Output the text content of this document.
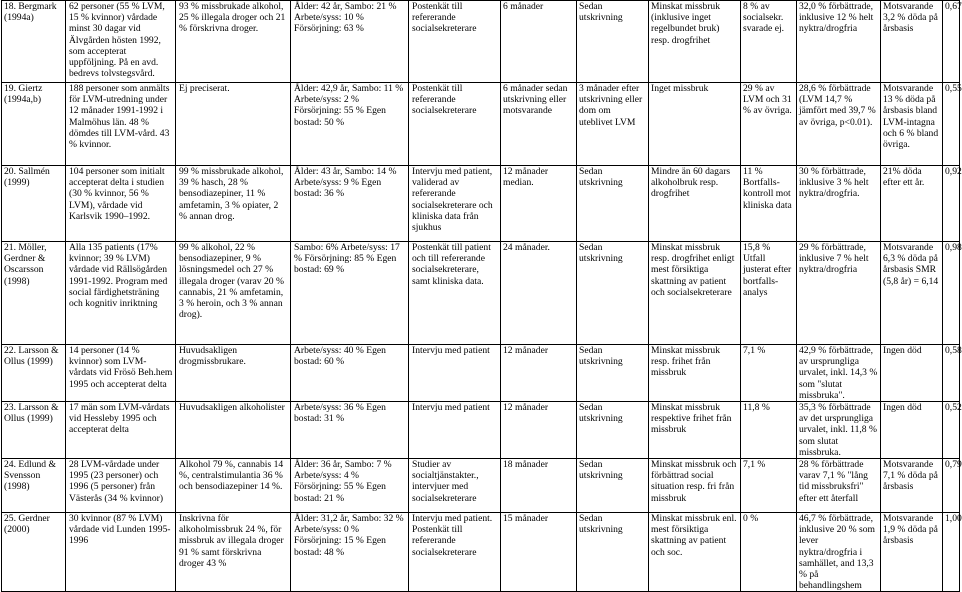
18. Bergmark (1994a)	62 personer (55 % LVM, 15 % kvinnor) vårdade minst 30 dagar vid Älvgården hösten 1992, som accepterat uppföljning. På en avd. bedrevs tolvstegsvård.	93 % missbrukade alkohol, 25 % illegala droger och 21 % förskrivna droger.	Ålder: 42 år, Sambo: 21 % Arbete/syss: 10 % Försörjning: 63 %	Postenkät till refererande socialsekreterare	6 månader	Sedan utskrivning	Minskat missbruk (inklusive inget regelbundet bruk) resp. drogfrihet	8 % av socialsekr. svarade ej.	32,0 % förbättrade, inklusive 12 % helt nyktra/drogfria	Motsvarande 3,2 % döda på årsbasis	0,67
19. Giertz (1994a,b)	188 personer som anmälts för LVM-utredning under 12 månader 1991-1992 i Malmöhus län. 48 % dömdes till LVM-vård. 43 % kvinnor.	Ej preciserat.	Ålder: 42,9 år, Sambo: 11 % Arbete/syss: 2 % Försörjning: 55 % Egen bostad: 50 %	Postenkät till refererande socialsekreterare	6 månader sedan utskrivning eller motsvarande	3 månader efter utskrivning eller dom om uteblivet LVM	Inget missbruk	29 % av LVM och 31 % av övriga.	28,6 % förbättrade (LVM 14,7 % jämfört med 39,7 % av övriga, p<0.01).	Motsvarande 13 % döda på årsbasis bland LVM-intagna och 6 % bland övriga.	0,55
20. Sallmén (1999)	104 personer som initialt accepterat delta i studien (30 % kvinnor, 56 % LVM), vårdade vid Karlsvik 1990–1992.	99 % missbrukade alkohol, 39 % hasch, 28 % bensodiazepiner, 11 % amfetamin, 3 % opiater, 2 % annan drog.	Ålder: 43 år, Sambo: 14 % Arbete/syss: 9 % Egen bostad: 36 %	Intervju med patient, validerad av refererande socialsekreterare och kliniska data från sjukhus	12 månader median.	Sedan utskrivning	Mindre än 60 dagars alkoholbruk resp. drogfrihet	11 % Bortfalls-kontroll mot kliniska data	30 % förbättrade, inklusive 3 % helt nyktra/drogfria.	21% döda efter ett år.	0,92
21. Möller, Gerdner & Oscarsson (1998)	Alla 135 patients (17% kvinnor; 39 % LVM) vårdade vid Rällsögården 1991-1992. Program med social färdighetsträning och kognitiv inriktning	99 % alkohol, 22 % bensodiazepiner, 9 % lösningsmedel och 27 % illegala droger (varav 20 % cannabis, 21 % amfetamin, 3 % heroin, och 3 % annan drog).	Sambo: 6% Arbete/syss: 17 % Försörjning: 85 % Egen bostad: 69 %	Postenkät till patient och till refererande socialsekreterare, samt kliniska data.	24 månader.	Sedan utskrivning	Minskat missbruk resp. drogfrihet enligt mest försiktiga skattning av patient och socialsekreterare	15,8 % Utfall justerat efter bortfalls-analys	29 % förbättrade, inklusive 7 % helt nyktra/drogfria	Motsvarande 6,3 % döda på årsbasis SMR (5,8 år) = 6,14	0,98
22. Larsson & Ollus (1999)	14 personer (14 % kvinnor) som LVM-vårdats vid Frösö Beh.hem 1995 och accepterat delta	Huvudsakligen drogmissbrukare.	Arbete/syss: 40 % Egen bostad: 60 %	Intervju med patient	12 månader	Sedan utskrivning	Minskat missbruk resp. frihet från missbruk	7,1 %	42,9 % förbättrade, av ursprungliga urvalet, inkl. 14,3 % som "slutat missbruka".	Ingen död	0,58
23. Larsson & Ollus (1999)	17 män som LVM-vårdats vid Hessleby 1995 och accepterat delta	Huvudsakligen alkoholister	Arbete/syss: 36 % Egen bostad: 31 %	Intervju med patient	12 månader	Sedan utskrivning	Minskat missbruk respektive frihet från missbruk	11,8 %	35,3 % förbättrade av det ursprungliga urvalet, inkl. 11,8 % som slutat missbruka.	Ingen död	0,52
24. Edlund & Svensson (1998)	28 LVM-vårdade under 1995 (23 personer) och 1996 (5 personer) från Västerås (34 % kvinnor)	Alkohol 79 %, cannabis 14 %, centralstimulantia 36 % och bensodiazepiner 14 %.	Ålder: 36 år, Sambo: 7 % Arbete/syss: 4 % Försörjning: 55 % Egen bostad: 21 %	Studier av socialtjänstakter., intervjuer med socialsekreterare	18 månader	Sedan utskrivning	Minskat missbruk och förbättrad social situation resp. fri från missbruk	7,1 %	28 % förbättrade varav 7,1 % "lång tid missbruksfri" efter ett återfall	Motsvarande 7,1 % döda på årsbasis	0,79
25. Gerdner (2000)	30 kvinnor (87 % LVM) vårdade vid Lunden 1995- 1996	Inskrivna för alkoholmissbruk 24 %, för missbruk av illegala droger 91 % samt förskrivna droger 43 %	Ålder: 31,2 år, Sambo: 32 % Arbete/syss: 0 % Försörjning: 15 % Egen bostad: 48 %	Intervju med patient. Postenkät till refererande socialsekreterare	15 månader	Sedan utskrivning	Minskat missbruk enl. mest försiktiga skattning av patient och soc.	0 %	46,7 % förbättrade, inklusive 20 % som lever nyktra/drogfria i samhället, and 13,3 % på behandlingshem	Motsvarande 1,9 % döda på årsbasis	1,00
